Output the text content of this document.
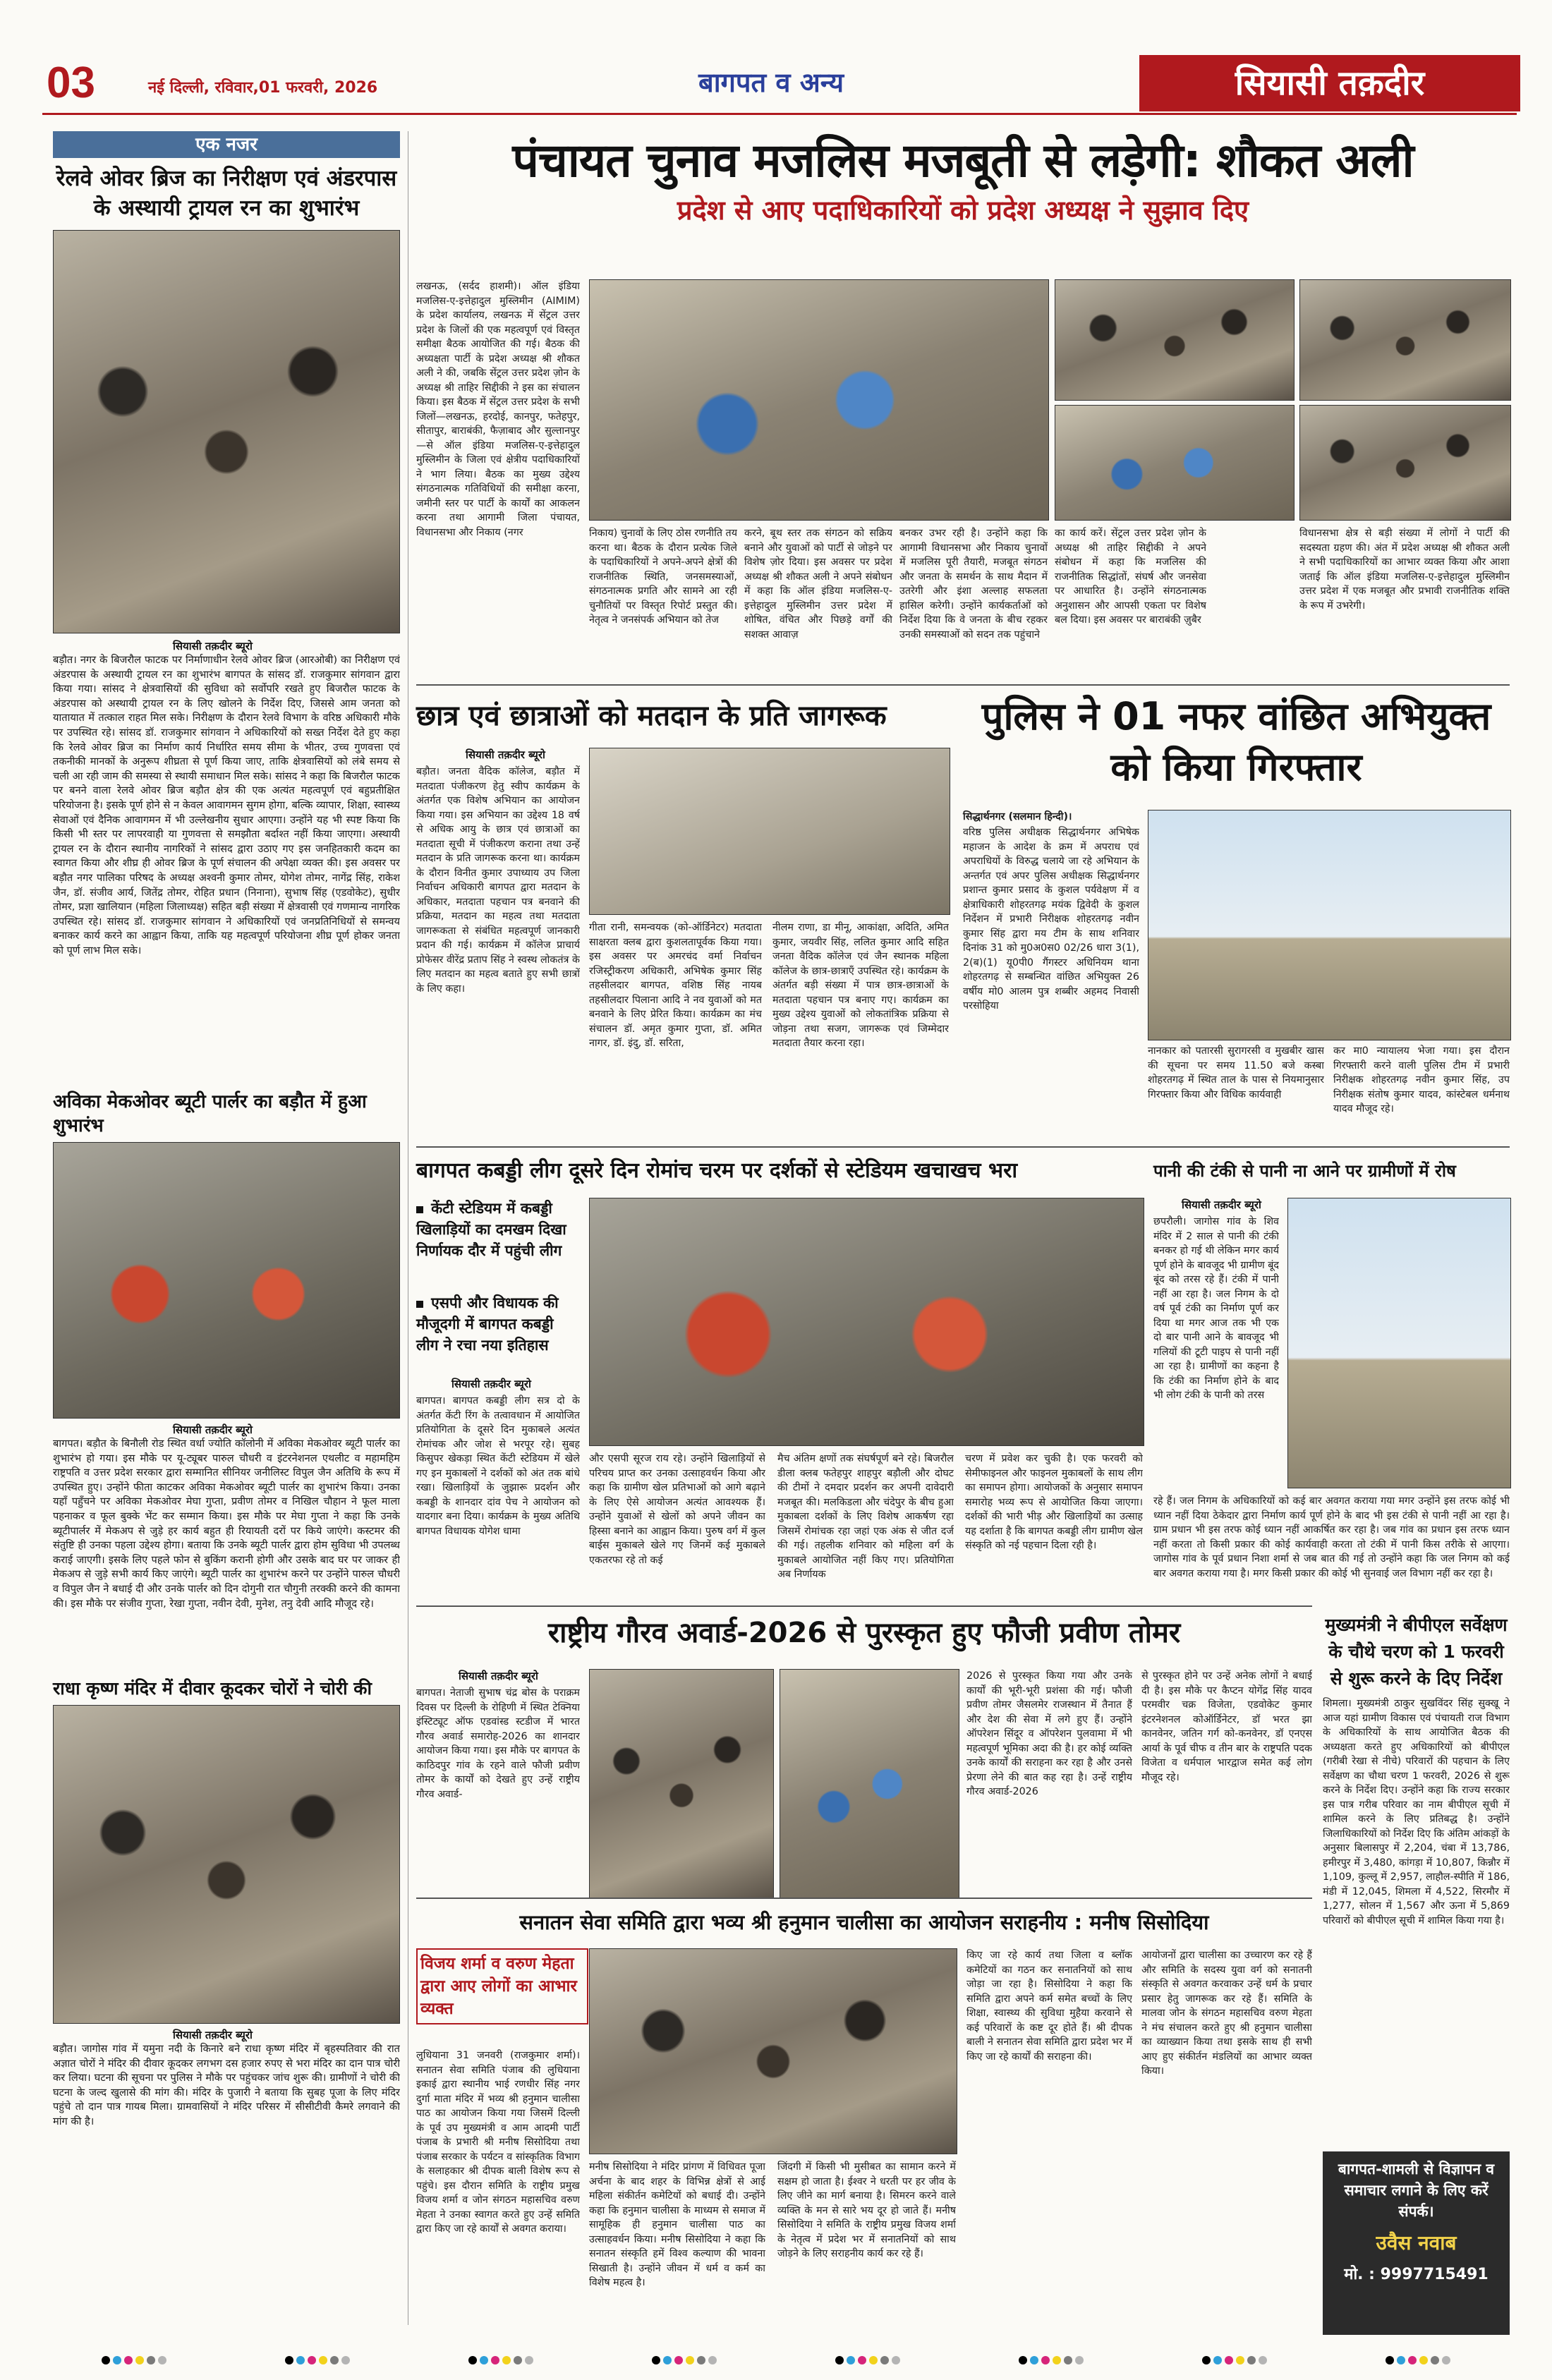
03	नई दिल्ली, रविवार,01 फरवरी, 2026	बागपत व अन्य	सियासी तक़दीर
एक नजर
रेलवे ओवर ब्रिज का निरीक्षण एवं अंडरपास के अस्थायी ट्रायल रन का शुभारंभ
सियासी तक़दीर ब्यूरो
बड़ौत। नगर के बिजरौल फाटक पर निर्माणाधीन रेलवे ओवर ब्रिज (आरओबी) का निरीक्षण एवं अंडरपास के अस्थायी ट्रायल रन का शुभारंभ बागपत के सांसद डॉ. राजकुमार सांगवान द्वारा किया गया। सांसद ने क्षेत्रवासियों की सुविधा को सर्वोपरि रखते हुए बिजरौल फाटक के अंडरपास को अस्थायी ट्रायल रन के लिए खोलने के निर्देश दिए, जिससे आम जनता को यातायात में तत्काल राहत मिल सके। निरीक्षण के दौरान रेलवे विभाग के वरिष्ठ अधिकारी मौके पर उपस्थित रहे। सांसद डॉ. राजकुमार सांगवान ने अधिकारियों को सख्त निर्देश देते हुए कहा कि रेलवे ओवर ब्रिज का निर्माण कार्य निर्धारित समय सीमा के भीतर, उच्च गुणवत्ता एवं तकनीकी मानकों के अनुरूप शीघ्रता से पूर्ण किया जाए, ताकि क्षेत्रवासियों को लंबे समय से चली आ रही जाम की समस्या से स्थायी समाधान मिल सके। सांसद ने कहा कि बिजरौल फाटक पर बनने वाला रेलवे ओवर ब्रिज बड़ौत क्षेत्र की एक अत्यंत महत्वपूर्ण एवं बहुप्रतीक्षित परियोजना है। इसके पूर्ण होने से न केवल आवागमन सुगम होगा, बल्कि व्यापार, शिक्षा, स्वास्थ्य सेवाओं एवं दैनिक आवागमन में भी उल्लेखनीय सुधार आएगा। उन्होंने यह भी स्पष्ट किया कि किसी भी स्तर पर लापरवाही या गुणवत्ता से समझौता बर्दाश्त नहीं किया जाएगा। अस्थायी ट्रायल रन के दौरान स्थानीय नागरिकों ने सांसद द्वारा उठाए गए इस जनहितकारी कदम का स्वागत किया और शीघ्र ही ओवर ब्रिज के पूर्ण संचालन की अपेक्षा व्यक्त की। इस अवसर पर बड़ौत नगर पालिका परिषद के अध्यक्ष अश्वनी कुमार तोमर, योगेश तोमर, नागेंद्र सिंह, राकेश जैन, डॉ. संजीव आर्य, जितेंद्र तोमर, रोहित प्रधान (निनाना), सुभाष सिंह (एडवोकेट), सुधीर तोमर, प्रज्ञा खालियान (महिला जिलाध्यक्ष) सहित बड़ी संख्या में क्षेत्रवासी एवं गणमान्य नागरिक उपस्थित रहे। सांसद डॉ. राजकुमार सांगवान ने अधिकारियों एवं जनप्रतिनिधियों से समन्वय बनाकर कार्य करने का आह्वान किया, ताकि यह महत्वपूर्ण परियोजना शीघ्र पूर्ण होकर जनता को पूर्ण लाभ मिल सके।
अविका मेकओवर ब्यूटी पार्लर का बड़ौत में हुआ शुभारंभ
सियासी तक़दीर ब्यूरो
बागपत। बड़ौत के बिनौली रोड स्थित वर्धा ज्योति कॉलोनी में अविका मेकओवर ब्यूटी पार्लर का शुभारंभ हो गया। इस मौके पर यू-ट्यूबर पारुल चौधरी व इंटरनेशनल एथलीट व महामहिम राष्ट्रपति व उत्तर प्रदेश सरकार द्वारा सम्मानित सीनियर जनीलिस्ट विपुल जैन अतिथि के रूप में उपस्थित हुए। उन्होंने फीता काटकर अविका मेकओवर ब्यूटी पार्लर का शुभारंभ किया। उनका यहाँ पहुँचने पर अविका मेकओवर मेघा गुप्ता, प्रवीण तोमर व निखिल चौहान ने फूल माला पहनाकर व फूल बुक्के भेंट कर सम्मान किया। इस मौके पर मेघा गुप्ता ने कहा कि उनके ब्यूटीपार्लर में मेकअप से जुड़े हर कार्य बहुत ही रियायती दरों पर किये जाएंगे। कस्टमर की संतुष्टि ही उनका पहला उद्देश्य होगा। बताया कि उनके ब्यूटी पार्लर द्वारा होम सुविधा भी उपलब्ध कराई जाएगी। इसके लिए पहले फोन से बुकिंग करानी होगी और उसके बाद घर पर जाकर ही मेकअप से जुड़े सभी कार्य किए जाएंगे। ब्यूटी पार्लर का शुभारंभ करने पर उन्होंने पारुल चौधरी व विपुल जैन ने बधाई दी और उनके पार्लर को दिन दोगुनी रात चौगुनी तरक्की करने की कामना की। इस मौके पर संजीव गुप्ता, रेखा गुप्ता, नवीन देवी, मुनेश, तनु देवी आदि मौजूद रहे।
राधा कृष्ण मंदिर में दीवार कूदकर चोरों ने चोरी की
सियासी तक़दीर ब्यूरो
बड़ौत। जागोस गांव में यमुना नदी के किनारे बने राधा कृष्ण मंदिर में बृहस्पतिवार की रात अज्ञात चोरों ने मंदिर की दीवार कूदकर लगभग दस हजार रुपए से भरा मंदिर का दान पात्र चोरी कर लिया। घटना की सूचना पर पुलिस ने मौके पर पहुंचकर जांच शुरू की। ग्रामीणों ने चोरी की घटना के जल्द खुलासे की मांग की। मंदिर के पुजारी ने बताया कि सुबह पूजा के लिए मंदिर पहुंचे तो दान पात्र गायब मिला। ग्रामवासियों ने मंदिर परिसर में सीसीटीवी कैमरे लगवाने की मांग की है।
पंचायत चुनाव मजलिस मजबूती से लड़ेगी: शौकत अली
प्रदेश से आए पदाधिकारियों को प्रदेश अध्यक्ष ने सुझाव दिए
लखनऊ, (सर्दद हाशमी)। ऑल इंडिया मजलिस-ए-इत्तेहादुल मुस्लिमीन (AIMIM) के प्रदेश कार्यालय, लखनऊ में सेंट्रल उत्तर प्रदेश के जिलों की एक महत्वपूर्ण एवं विस्तृत समीक्षा बैठक आयोजित की गई। बैठक की अध्यक्षता पार्टी के प्रदेश अध्यक्ष श्री शौकत अली ने की, जबकि सेंट्रल उत्तर प्रदेश ज़ोन के अध्यक्ष श्री ताहिर सिद्दीकी ने इस का संचालन किया। इस बैठक में सेंट्रल उत्तर प्रदेश के सभी जिलों—लखनऊ, हरदोई, कानपुर, फतेहपुर, सीतापुर, बाराबंकी, फैज़ाबाद और सुल्तानपुर—से ऑल इंडिया मजलिस-ए-इत्तेहादुल मुस्लिमीन के जिला एवं क्षेत्रीय पदाधिकारियों ने भाग लिया। बैठक का मुख्य उद्देश्य संगठनात्मक गतिविधियों की समीक्षा करना, जमीनी स्तर पर पार्टी के कार्यों का आकलन करना तथा आगामी जिला पंचायत, विधानसभा और निकाय (नगर	निकाय) चुनावों के लिए ठोस रणनीति तय करना था। बैठक के दौरान प्रत्येक जिले के पदाधिकारियों ने अपने-अपने क्षेत्रों की राजनीतिक स्थिति, जनसमस्याओं, संगठनात्मक प्रगति और सामने आ रही चुनौतियों पर विस्तृत रिपोर्ट प्रस्तुत की। नेतृत्व ने जनसंपर्क अभियान को तेज
करने, बूथ स्तर तक संगठन को सक्रिय बनाने और युवाओं को पार्टी से जोड़ने पर विशेष ज़ोर दिया। इस अवसर पर प्रदेश अध्यक्ष श्री शौकत अली ने अपने संबोधन में कहा कि ऑल इंडिया मजलिस-ए-इत्तेहादुल मुस्लिमीन उत्तर प्रदेश में शोषित, वंचित और पिछड़े वर्गों की सशक्त आवाज़
बनकर उभर रही है। उन्होंने कहा कि आगामी विधानसभा और निकाय चुनावों में मजलिस पूरी तैयारी, मजबूत संगठन और जनता के समर्थन के साथ मैदान में उतरेगी और इंशा अल्लाह सफलता हासिल करेगी। उन्होंने कार्यकर्ताओं को निर्देश दिया कि वे जनता के बीच रहकर उनकी समस्याओं को सदन तक पहुंचाने
का कार्य करें। सेंट्रल उत्तर प्रदेश ज़ोन के अध्यक्ष श्री ताहिर सिद्दीकी ने अपने संबोधन में कहा कि मजलिस की राजनीतिक सिद्धांतों, संघर्ष और जनसेवा पर आधारित है। उन्होंने संगठनात्मक अनुशासन और आपसी एकता पर विशेष बल दिया। इस अवसर पर बाराबंकी ज़ुबैर
विधानसभा क्षेत्र से बड़ी संख्या में लोगों ने पार्टी की सदस्यता ग्रहण की। अंत में प्रदेश अध्यक्ष श्री शौकत अली ने सभी पदाधिकारियों का आभार व्यक्त किया और आशा जताई कि ऑल इंडिया मजलिस-ए-इत्तेहादुल मुस्लिमीन उत्तर प्रदेश में एक मजबूत और प्रभावी राजनीतिक शक्ति के रूप में उभरेगी।
छात्र एवं छात्राओं को मतदान के प्रति जागरूक
सियासी तक़दीर ब्यूरो
बड़ौत। जनता वैदिक कॉलेज, बड़ौत में मतदाता पंजीकरण हेतु स्वीप कार्यक्रम के अंतर्गत एक विशेष अभियान का आयोजन किया गया। इस अभियान का उद्देश्य 18 वर्ष से अधिक आयु के छात्र एवं छात्राओं का मतदाता सूची में पंजीकरण कराना तथा उन्हें मतदान के प्रति जागरूक करना था। कार्यक्रम के दौरान विनीत कुमार उपाध्याय उप जिला निर्वाचन अधिकारी बागपत द्वारा मतदान के अधिकार, मतदाता पहचान पत्र बनवाने की प्रक्रिया, मतदान का महत्व तथा मतदाता जागरूकता से संबंधित महत्वपूर्ण जानकारी प्रदान की गई। कार्यक्रम में कॉलेज प्राचार्य प्रोफेसर वीरेंद्र प्रताप सिंह ने स्वस्थ लोकतंत्र के लिए मतदान का महत्व बताते हुए सभी छात्रों के लिए कहा।
गीता रानी, समन्वयक (को-ऑर्डिनेटर) मतदाता साक्षरता क्लब द्वारा कुशलतापूर्वक किया गया। इस अवसर पर अमरचंद वर्मा निर्वाचन रजिस्ट्रीकरण अधिकारी, अभिषेक कुमार सिंह तहसीलदार बागपत, वशिष्ठ सिंह नायब तहसीलदार पिलाना आदि ने नव युवाओं को मत बनवाने के लिए प्रेरित किया। कार्यक्रम का मंच संचालन डॉ. अमृत कुमार गुप्ता, डॉ. अमित नागर, डॉ. इंदु, डॉ. सरिता,
नीलम राणा, डा मीनू, आकांक्षा, अदिति, अमित कुमार, जयवीर सिंह, ललित कुमार आदि सहित जनता वैदिक कॉलेज एवं जैन स्थानक महिला कॉलेज के छात्र-छात्राएँ उपस्थित रहे। कार्यक्रम के अंतर्गत बड़ी संख्या में पात्र छात्र-छात्राओं के मतदाता पहचान पत्र बनाए गए। कार्यक्रम का मुख्य उद्देश्य युवाओं को लोकतांत्रिक प्रक्रिया से जोड़ना तथा सजग, जागरूक एवं जिम्मेदार मतदाता तैयार करना रहा।
पुलिस ने 01 नफर वांछित अभियुक्त को किया गिरफ्तार
सिद्धार्थनगर (सलमान हिन्दी)।
वरिष्ठ पुलिस अधीक्षक सिद्धार्थनगर अभिषेक महाजन के आदेश के क्रम में अपराध एवं अपराधियों के विरुद्ध चलाये जा रहे अभियान के अन्तर्गत एवं अपर पुलिस अधीक्षक सिद्धार्थनगर प्रशान्त कुमार प्रसाद के कुशल पर्यवेक्षण में व क्षेत्राधिकारी शोहरतगढ़ मयंक द्विवेदी के कुशल निर्देशन में प्रभारी निरीक्षक शोहरतगढ़ नवीन कुमार सिंह द्वारा मय टीम के साथ शनिवार दिनांक 31 को मु0अ0स0 02/26 धारा 3(1), 2(ब)(1) यू0पी0 गैंगस्टर अधिनियम थाना शोहरतगढ़ से सम्बन्धित वांछित अभियुक्त 26 वर्षीय मो0 आलम पुत्र शब्बीर अहमद निवासी परसोहिया
नानकार को पतारसी सुरागरसी व मुखबीर खास की सूचना पर समय 11.50 बजे कस्बा शोहरतगढ़ में स्थित ताल के पास से नियमानुसार गिरफ्तार किया और विधिक कार्यवाही
कर मा0 न्यायालय भेजा गया। इस दौरान गिरफ्तारी करने वाली पुलिस टीम में प्रभारी निरीक्षक शोहरतगढ़ नवीन कुमार सिंह, उप निरीक्षक संतोष कुमार यादव, कांस्टेबल धर्मनाथ यादव मौजूद रहे।
बागपत कबड्डी लीग दूसरे दिन रोमांच चरम पर दर्शकों से स्टेडियम खचाखच भरा
केंटी स्टेडियम में कबड्डी खिलाड़ियों का दमखम दिखा निर्णायक दौर में पहुंची लीग
एसपी और विधायक की मौजूदगी में बागपत कबड्डी लीग ने रचा नया इतिहास
सियासी तक़दीर ब्यूरो
बागपत। बागपत कबड्डी लीग सत्र दो के अंतर्गत केंटी रिंग के तत्वावधान में आयोजित प्रतियोगिता के दूसरे दिन मुकाबले अत्यंत रोमांचक और जोश से भरपूर रहे। सुबह किसुपर खेकड़ा स्थित केंटी स्टेडियम में खेले गए इन मुकाबलों ने दर्शकों को अंत तक बांधे रखा। खिलाड़ियों के जुझारू प्रदर्शन और कबड्डी के शानदार दांव पेच ने आयोजन को यादगार बना दिया। कार्यक्रम के मुख्य अतिथि बागपत विधायक योगेश धामा
और एसपी सूरज राय रहे। उन्होंने खिलाड़ियों से परिचय प्राप्त कर उनका उत्साहवर्धन किया और कहा कि ग्रामीण खेल प्रतिभाओं को आगे बढ़ाने के लिए ऐसे आयोजन अत्यंत आवश्यक हैं। उन्होंने युवाओं से खेलों को अपने जीवन का हिस्सा बनाने का आह्वान किया। पुरुष वर्ग में कुल बाईस मुकाबले खेले गए जिनमें कई मुकाबले एकतरफा रहे तो कई
मैच अंतिम क्षणों तक संघर्षपूर्ण बने रहे। बिजरौल डीला क्लब फतेहपुर शाहपुर बड़ौली और दोघट की टीमों ने दमदार प्रदर्शन कर अपनी दावेदारी मजबूत की। मलकिडला और चंदेपुर के बीच हुआ मुकाबला दर्शकों के लिए विशेष आकर्षण रहा जिसमें रोमांचक रहा जहां एक अंक से जीत दर्ज की गई। तहलीक शनिवार को महिला वर्ग के मुकाबले आयोजित नहीं किए गए। प्रतियोगिता अब निर्णायक
चरण में प्रवेश कर चुकी है। एक फरवरी को सेमीफाइनल और फाइनल मुकाबलों के साथ लीग का समापन होगा। आयोजकों के अनुसार समापन समारोह भव्य रूप से आयोजित किया जाएगा। दर्शकों की भारी भीड़ और खिलाड़ियों का उत्साह यह दर्शाता है कि बागपत कबड्डी लीग ग्रामीण खेल संस्कृति को नई पहचान दिला रही है।
पानी की टंकी से पानी ना आने पर ग्रामीणों में रोष
सियासी तक़दीर ब्यूरो
छपरौली। जागोस गांव के शिव मंदिर में 2 साल से पानी की टंकी बनकर हो गई थी लेकिन मगर कार्य पूर्ण होने के बावजूद भी ग्रामीण बूंद बूंद को तरस रहे हैं। टंकी में पानी नहीं आ रहा है। जल निगम के दो वर्ष पूर्व टंकी का निर्माण पूर्ण कर दिया था मगर आज तक भी एक दो बार पानी आने के बावजूद भी गलियों की टूटी पाइप से पानी नहीं आ रहा है। ग्रामीणों का कहना है कि टंकी का निर्माण होने के बाद भी लोग टंकी के पानी को तरस
रहे हैं। जल निगम के अधिकारियों को कई बार अवगत कराया गया मगर उन्होंने इस तरफ कोई भी ध्यान नहीं दिया ठेकेदार द्वारा निर्माण कार्य पूर्ण होने के बाद भी इस टंकी से पानी नहीं आ रहा है। ग्राम प्रधान भी इस तरफ कोई ध्यान नहीं आकर्षित कर रहा है। जब गांव का प्रधान इस तरफ ध्यान नहीं करता तो किसी प्रकार की कोई कार्यवाही करता तो टंकी में पानी किस तरीके से आएगा। जागोस गांव के पूर्व प्रधान निशा शर्मा से जब बात की गई तो उन्होंने कहा कि जल निगम को कई बार अवगत कराया गया है। मगर किसी प्रकार की कोई भी सुनवाई जल विभाग नहीं कर रहा है।
राष्ट्रीय गौरव अवार्ड-2026 से पुरस्कृत हुए फौजी प्रवीण तोमर
सियासी तक़दीर ब्यूरो
बागपत। नेताजी सुभाष चंद्र बोस के पराक्रम दिवस पर दिल्ली के रोहिणी में स्थित टेक्निया इंस्टिट्यूट ऑफ एडवांस्ड स्टडीज में भारत गौरव अवार्ड समारोह-2026 का शानदार आयोजन किया गया। इस मौके पर बागपत के काठिदपुर गांव के रहने वाले फौजी प्रवीण तोमर के कार्यों को देखते हुए उन्हें राष्ट्रीय गौरव अवार्ड-
2026 से पुरस्कृत किया गया और उनके कार्यों की भूरी-भूरी प्रशंसा की गई। फौजी प्रवीण तोमर जैसलमेर राजस्थान में तैनात हैं और देश की सेवा में लगे हुए हैं। उन्होंने ऑपरेशन सिंदूर व ऑपरेशन पुलवामा में भी महत्वपूर्ण भूमिका अदा की है। हर कोई व्यक्ति उनके कार्यों की सराहना कर रहा है और उनसे प्रेरणा लेने की बात कह रहा है। उन्हें राष्ट्रीय गौरव अवार्ड-2026
से पुरस्कृत होने पर उन्हें अनेक लोगों ने बधाई दी है। इस मौके पर कैप्टन योगेंद्र सिंह यादव परमवीर चक्र विजेता, एडवोकेट कुमार इंटरनेशनल कोऑर्डिनेटर, डॉ भरत झा कानवेनर, जतिन गर्ग को-कनवेनर, डॉ एनएस आर्या के पूर्व चीफ व तीन बार के राष्ट्रपति पदक विजेता व धर्मपाल भारद्वाज समेत कई लोग मौजूद रहे।
मुख्यमंत्री ने बीपीएल सर्वेक्षण के चौथे चरण को 1 फरवरी से शुरू करने के दिए निर्देश
शिमला। मुख्यमंत्री ठाकुर सुखविंदर सिंह सुक्खू ने आज यहां ग्रामीण विकास एवं पंचायती राज विभाग के अधिकारियों के साथ आयोजित बैठक की अध्यक्षता करते हुए अधिकारियों को बीपीएल (गरीबी रेखा से नीचे) परिवारों की पहचान के लिए सर्वेक्षण का चौथा चरण 1 फरवरी, 2026 से शुरू करने के निर्देश दिए। उन्होंने कहा कि राज्य सरकार इस पात्र गरीब परिवार का नाम बीपीएल सूची में शामिल करने के लिए प्रतिबद्ध है। उन्होंने जिलाधिकारियों को निर्देश दिए कि अंतिम आंकड़ों के अनुसार बिलासपुर में 2,204, चंबा में 13,786, हमीरपुर में 3,480, कांगड़ा में 10,807, किन्नौर में 1,109, कुल्लू में 2,957, लाहौल-स्पीति में 186, मंडी में 12,045, शिमला में 4,522, सिरमौर में 1,277, सोलन में 1,567 और ऊना में 5,869 परिवारों को बीपीएल सूची में शामिल किया गया है।
सनातन सेवा समिति द्वारा भव्य श्री हनुमान चालीसा का आयोजन सराहनीय : मनीष सिसोदिया
विजय शर्मा व वरुण मेहता द्वारा आए लोगों का आभार व्यक्त
लुधियाना 31 जनवरी (राजकुमार शर्मा)। सनातन सेवा समिति पंजाब की लुधियाना इकाई द्वारा स्थानीय भाई रणधीर सिंह नगर दुर्गा माता मंदिर में भव्य श्री हनुमान चालीसा पाठ का आयोजन किया गया जिसमें दिल्ली के पूर्व उप मुख्यमंत्री व आम आदमी पार्टी पंजाब के प्रभारी श्री मनीष सिसोदिया तथा पंजाब सरकार के पर्यटन व सांस्कृतिक विभाग के सलाहकार श्री दीपक बाली विशेष रूप से पहुंचे। इस दौरान समिति के राष्ट्रीय प्रमुख विजय शर्मा व जोन संगठन महासचिव वरुण मेहता ने उनका स्वागत करते हुए उन्हें समिति द्वारा किए जा रहे कार्यों से अवगत कराया।
मनीष सिसोदिया ने मंदिर प्रांगण में विधिवत पूजा अर्चना के बाद शहर के विभिन्न क्षेत्रों से आई महिला संकीर्तन कमेटियों को बधाई दी। उन्होंने कहा कि हनुमान चालीसा के माध्यम से समाज में सामूहिक ही हनुमान चालीसा पाठ का उत्साहवर्धन किया। मनीष सिसोदिया ने कहा कि सनातन संस्कृति हमें विश्व कल्याण की भावना सिखाती है। उन्होंने जीवन में धर्म व कर्म का विशेष महत्व है।
जिंदगी में किसी भी मुसीबत का सामान करने में सक्षम हो जाता है। ईश्वर ने धरती पर हर जीव के लिए जीने का मार्ग बनाया है। सिमरन करने वाले व्यक्ति के मन से सारे भय दूर हो जाते हैं। मनीष सिसोदिया ने समिति के राष्ट्रीय प्रमुख विजय शर्मा के नेतृत्व में प्रदेश भर में सनातनियों को साथ जोड़ने के लिए सराहनीय कार्य कर रहे हैं।
किए जा रहे कार्य तथा जिला व ब्लॉक कमेटियों का गठन कर सनातनियों को साथ जोड़ा जा रहा है। सिसोदिया ने कहा कि समिति द्वारा अपने कर्म समेत बच्चों के लिए शिक्षा, स्वास्थ्य की सुविधा मुहैया करवाने से कई परिवारों के कष्ट दूर होते हैं। श्री दीपक बाली ने सनातन सेवा समिति द्वारा प्रदेश भर में किए जा रहे कार्यों की सराहना की।
आयोजनों द्वारा चालीसा का उच्चारण कर रहे हैं और समिति के सदस्य युवा वर्ग को सनातनी संस्कृति से अवगत करवाकर उन्हें धर्म के प्रचार प्रसार हेतु जागरूक कर रहे हैं। समिति के मालवा जोन के संगठन महासचिव वरुण मेहता ने मंच संचालन करते हुए श्री हनुमान चालीसा का व्याख्यान किया तथा इसके साथ ही सभी आए हुए संकीर्तन मंडलियों का आभार व्यक्त किया।
बागपत-शामली से विज्ञापन व समाचार लगाने के लिए करें संपर्क।
उवैस नवाब
मो. : 9997715491
